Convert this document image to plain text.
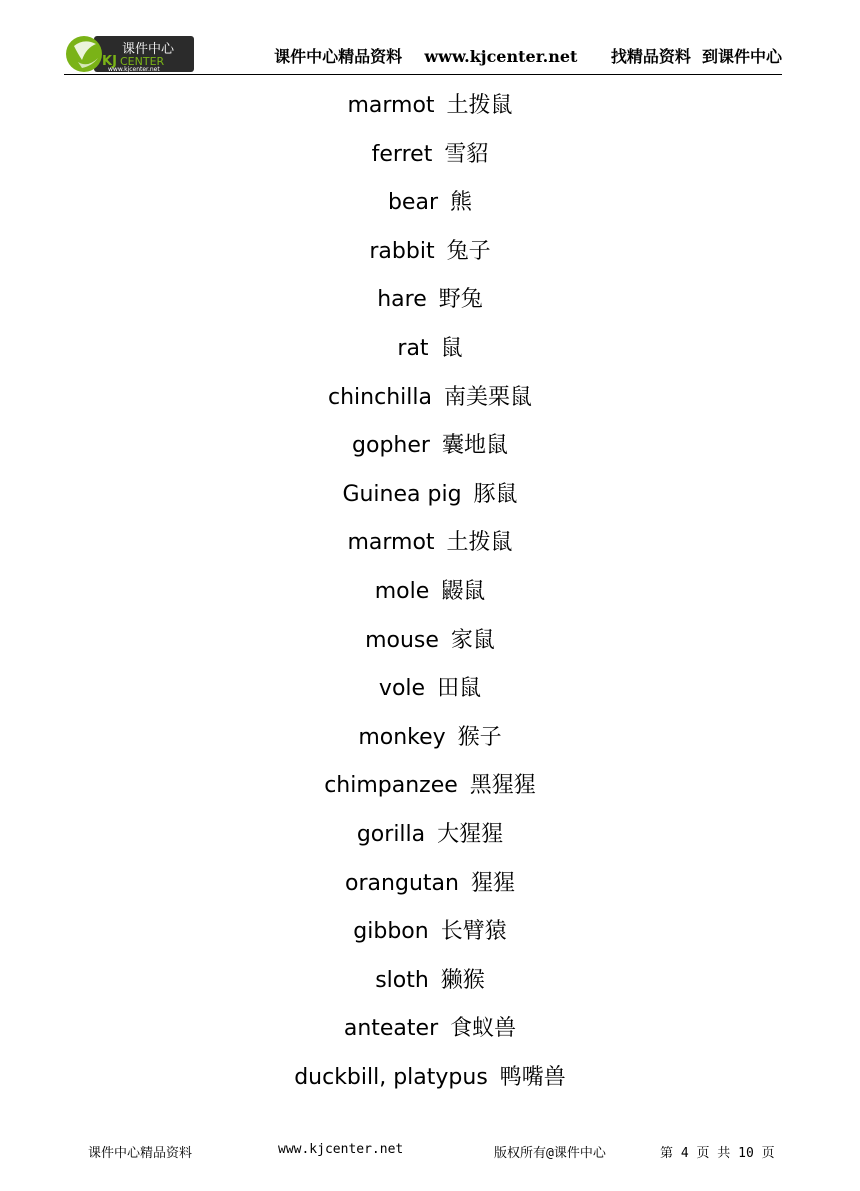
KJ CENTER
课件中心
www.kjcenter.net
课件中心精品资料 www.kjcenter.net 找精品资料  到课件中心
marmot 土拨鼠
ferret 雪貂
bear 熊
rabbit 兔子
hare 野兔
rat 鼠
chinchilla 南美栗鼠
gopher 囊地鼠
Guinea pig 豚鼠
marmot 土拨鼠
mole 鼹鼠
mouse 家鼠
vole 田鼠
monkey 猴子
chimpanzee 黑猩猩
gorilla 大猩猩
orangutan 猩猩
gibbon 长臂猿
sloth 獭猴
anteater 食蚁兽
duckbill, platypus 鸭嘴兽
课件中心精品资料	www.kjcenter.net	版权所有@课件中心	第 4 页 共 10 页
